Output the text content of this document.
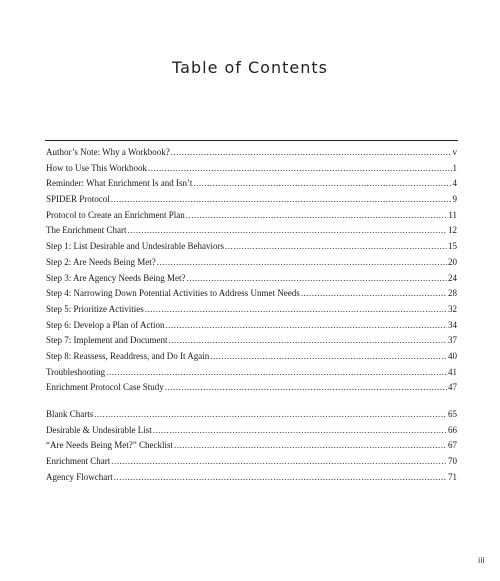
Table of Contents
Author’s Note: Why a Workbook? .....	v
How to Use This Workbook .....	1
Reminder: What Enrichment Is and Isn’t .....	4
SPIDER Protocol .....	9
Protocol to Create an Enrichment Plan .....	11
The Enrichment Chart .....	12
Step 1: List Desirable and Undesirable Behaviors .....	15
Step 2: Are Needs Being Met? .....	20
Step 3: Are Agency Needs Being Met? .....	24
Step 4: Narrowing Down Potential Activities to Address Unmet Needs .....	28
Step 5: Prioritize Activities .....	32
Step 6: Develop a Plan of Action .....	34
Step 7: Implement and Document .....	37
Step 8: Reassess, Readdress, and Do It Again .....	40
Troubleshooting .....	41
Enrichment Protocol Case Study .....	47
Blank Charts .....	65
Desirable & Undesirable List .....	66
“Are Needs Being Met?” Checklist .....	67
Enrichment Chart .....	70
Agency Flowchart .....	71
iii
